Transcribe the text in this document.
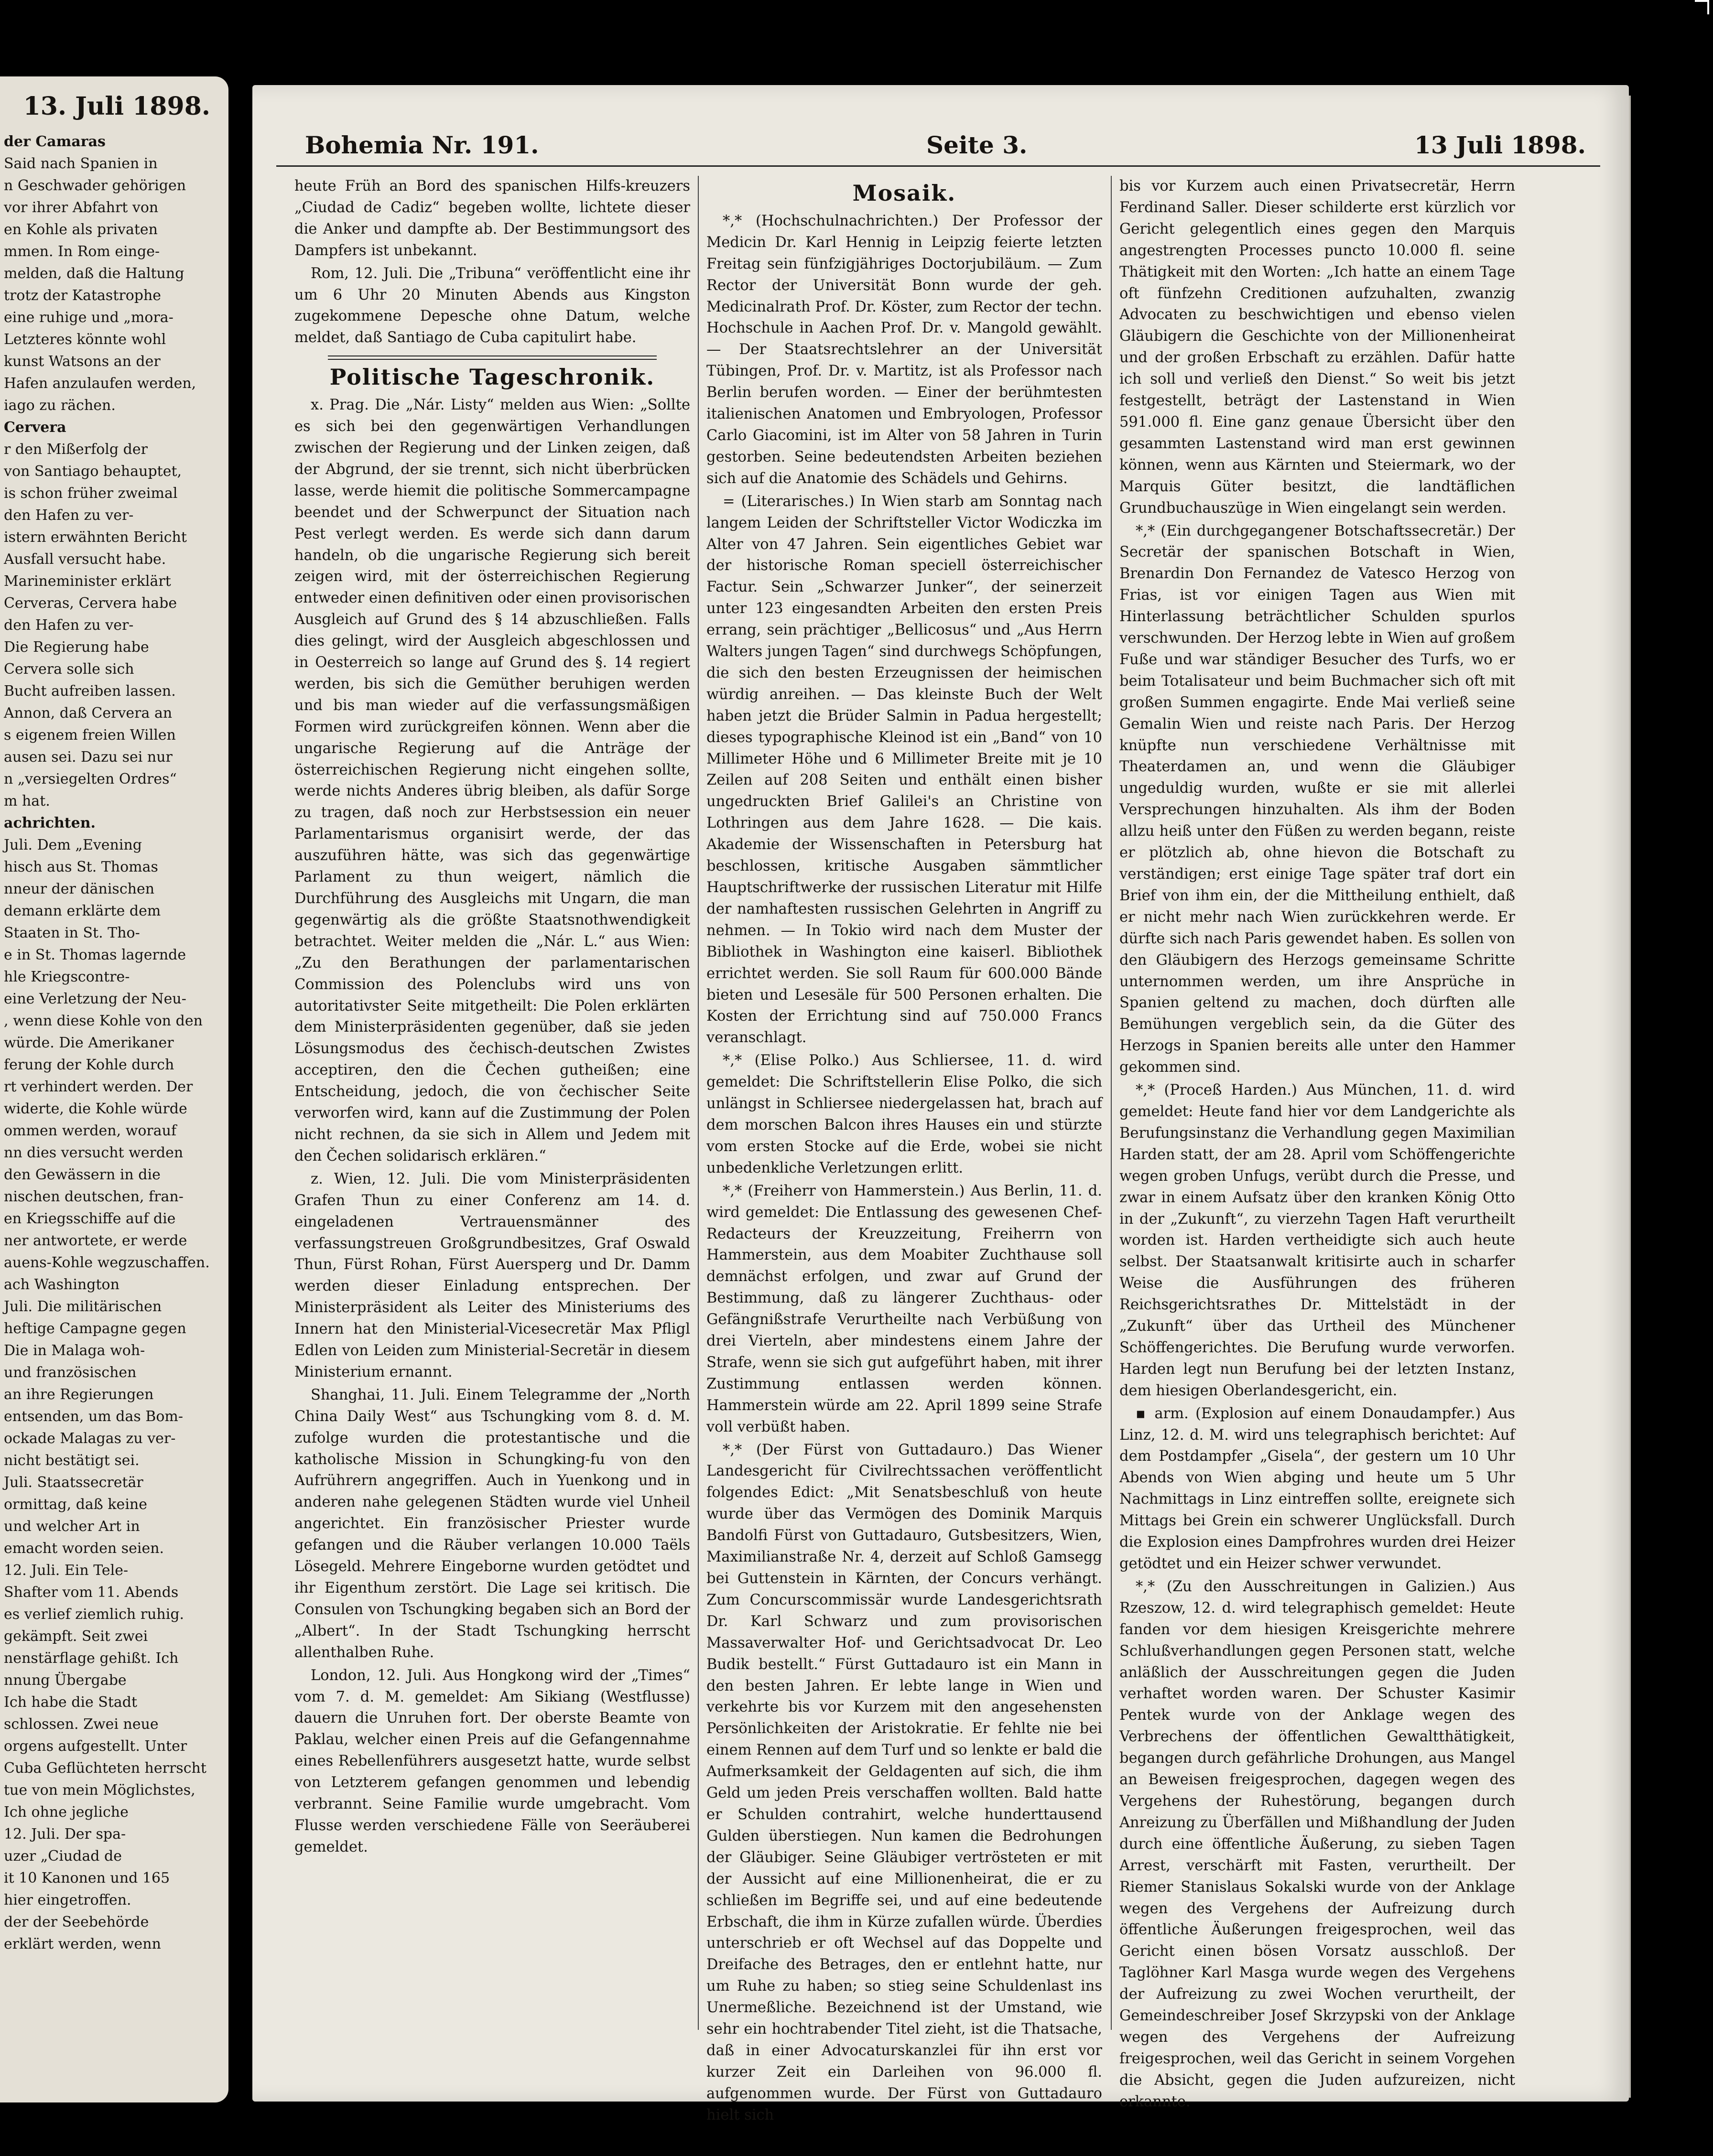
13. Juli 1898.

der Camaras

Said nach Spanien in

n Geschwader gehörigen

vor ihrer Abfahrt von

en Kohle als privaten

mmen. In Rom einge-

melden, daß die Haltung

trotz der Katastrophe

eine ruhige und „mora-

Letzteres könnte wohl

kunst Watsons an der

Hafen anzulaufen werden,

iago zu rächen.

Cervera

r den Mißerfolg der

von Santiago behauptet,

is schon früher zweimal

den Hafen zu ver-

istern erwähnten Bericht

Ausfall versucht habe.

Marineminister erklärt

Cerveras, Cervera habe

den Hafen zu ver-

Die Regierung habe

Cervera solle sich

Bucht aufreiben lassen.

Annon, daß Cervera an

s eigenem freien Willen

ausen sei. Dazu sei nur

n „versiegelten Ordres“

m hat.

achrichten.

Juli. Dem „Evening

hisch aus St. Thomas

nneur der dänischen

demann erklärte dem

Staaten in St. Tho-

e in St. Thomas lagernde

hle Kriegscontre-

eine Verletzung der Neu-

, wenn diese Kohle von den

würde. Die Amerikaner

ferung der Kohle durch

rt verhindert werden. Der

widerte, die Kohle würde

ommen werden, worauf

nn dies versucht werden

den Gewässern in die

nischen deutschen, fran-

en Kriegsschiffe auf die

ner antwortete, er werde

auens-Kohle wegzuschaffen.

ach Washington

Juli. Die militärischen

heftige Campagne gegen

Die in Malaga woh-

und französischen

an ihre Regierungen

entsenden, um das Bom-

ockade Malagas zu ver-

nicht bestätigt sei.

Juli. Staatssecretär

ormittag, daß keine

und welcher Art in

emacht worden seien.

12. Juli. Ein Tele-

Shafter vom 11. Abends

es verlief ziemlich ruhig.

gekämpft. Seit zwei

nenstärflage gehißt. Ich

nnung Übergabe

Ich habe die Stadt

schlossen. Zwei neue

orgens aufgestellt. Unter

Cuba Geflüchteten herrscht

tue von mein Möglichstes,

Ich ohne jegliche

12. Juli. Der spa-

uzer „Ciudad de

it 10 Kanonen und 165

hier eingetroffen.

der der Seebehörde

erklärt werden, wenn

Bohemia Nr. 191.	Seite 3.	13 Juli 1898.

heute Früh an Bord des spanischen Hilfs-kreuzers „Ciudad de Cadiz“ begeben wollte, lichtete dieser die Anker und dampfte ab. Der Bestimmungsort des Dampfers ist unbekannt.

Rom, 12. Juli. Die „Tribuna“ veröffentlicht eine ihr um 6 Uhr 20 Minuten Abends aus Kingston zugekommene Depesche ohne Datum, welche meldet, daß Santiago de Cuba capitulirt habe.

Politische Tageschronik.

x. Prag. Die „Nár. Listy“ melden aus Wien: „Sollte es sich bei den gegenwärtigen Verhandlungen zwischen der Regierung und der Linken zeigen, daß der Abgrund, der sie trennt, sich nicht überbrücken lasse, werde hiemit die politische Sommercampagne beendet und der Schwerpunct der Situation nach Pest verlegt werden. Es werde sich dann darum handeln, ob die ungarische Regierung sich bereit zeigen wird, mit der österreichischen Regierung entweder einen definitiven oder einen provisorischen Ausgleich auf Grund des § 14 abzuschließen. Falls dies gelingt, wird der Ausgleich abgeschlossen und in Oesterreich so lange auf Grund des §. 14 regiert werden, bis sich die Gemüther beruhigen werden und bis man wieder auf die verfassungsmäßigen Formen wird zurückgreifen können. Wenn aber die ungarische Regierung auf die Anträge der österreichischen Regierung nicht eingehen sollte, werde nichts Anderes übrig bleiben, als dafür Sorge zu tragen, daß noch zur Herbstsession ein neuer Parlamentarismus organisirt werde, der das auszuführen hätte, was sich das gegenwärtige Parlament zu thun weigert, nämlich die Durchführung des Ausgleichs mit Ungarn, die man gegenwärtig als die größte Staatsnothwendigkeit betrachtet. Weiter melden die „Nár. L.“ aus Wien: „Zu den Berathungen der parlamentarischen Commission des Polenclubs wird uns von autoritativster Seite mitgetheilt: Die Polen erklärten dem Ministerpräsidenten gegenüber, daß sie jeden Lösungsmodus des čechisch-deutschen Zwistes acceptiren, den die Čechen gutheißen; eine Entscheidung, jedoch, die von čechischer Seite verworfen wird, kann auf die Zustimmung der Polen nicht rechnen, da sie sich in Allem und Jedem mit den Čechen solidarisch erklären.“

z. Wien, 12. Juli. Die vom Ministerpräsidenten Grafen Thun zu einer Conferenz am 14. d. eingeladenen Vertrauensmänner des verfassungstreuen Großgrundbesitzes, Graf Oswald Thun, Fürst Rohan, Fürst Auersperg und Dr. Damm werden dieser Einladung entsprechen. Der Ministerpräsident als Leiter des Ministeriums des Innern hat den Ministerial-Vicesecretär Max Pfligl Edlen von Leiden zum Ministerial-Secretär in diesem Ministerium ernannt.

Shanghai, 11. Juli. Einem Telegramme der „North China Daily West“ aus Tschungking vom 8. d. M. zufolge wurden die protestantische und die katholische Mission in Schungking-fu von den Aufrührern angegriffen. Auch in Yuenkong und in anderen nahe gelegenen Städten wurde viel Unheil angerichtet. Ein französischer Priester wurde gefangen und die Räuber verlangen 10.000 Taëls Lösegeld. Mehrere Eingeborne wurden getödtet und ihr Eigenthum zerstört. Die Lage sei kritisch. Die Consulen von Tschungking begaben sich an Bord der „Albert“. In der Stadt Tschungking herrscht allenthalben Ruhe.

London, 12. Juli. Aus Hongkong wird der „Times“ vom 7. d. M. gemeldet: Am Sikiang (Westflusse) dauern die Unruhen fort. Der oberste Beamte von Paklau, welcher einen Preis auf die Gefangennahme eines Rebellenführers ausgesetzt hatte, wurde selbst von Letzterem gefangen genommen und lebendig verbrannt. Seine Familie wurde umgebracht. Vom Flusse werden verschiedene Fälle von Seeräuberei gemeldet.

Mosaik.

*,* (Hochschulnachrichten.) Der Professor der Medicin Dr. Karl Hennig in Leipzig feierte letzten Freitag sein fünfzigjähriges Doctorjubiläum. — Zum Rector der Universität Bonn wurde der geh. Medicinalrath Prof. Dr. Köster, zum Rector der techn. Hochschule in Aachen Prof. Dr. v. Mangold gewählt. — Der Staatsrechtslehrer an der Universität Tübingen, Prof. Dr. v. Martitz, ist als Professor nach Berlin berufen worden. — Einer der berühmtesten italienischen Anatomen und Embryologen, Professor Carlo Giacomini, ist im Alter von 58 Jahren in Turin gestorben. Seine bedeutendsten Arbeiten beziehen sich auf die Anatomie des Schädels und Gehirns.

= (Literarisches.) In Wien starb am Sonntag nach langem Leiden der Schriftsteller Victor Wodiczka im Alter von 47 Jahren. Sein eigentliches Gebiet war der historische Roman speciell österreichischer Factur. Sein „Schwarzer Junker“, der seinerzeit unter 123 eingesandten Arbeiten den ersten Preis errang, sein prächtiger „Bellicosus“ und „Aus Herrn Walters jungen Tagen“ sind durchwegs Schöpfungen, die sich den besten Erzeugnissen der heimischen würdig anreihen. — Das kleinste Buch der Welt haben jetzt die Brüder Salmin in Padua hergestellt; dieses typographische Kleinod ist ein „Band“ von 10 Millimeter Höhe und 6 Millimeter Breite mit je 10 Zeilen auf 208 Seiten und enthält einen bisher ungedruckten Brief Galilei's an Christine von Lothringen aus dem Jahre 1628. — Die kais. Akademie der Wissenschaften in Petersburg hat beschlossen, kritische Ausgaben sämmtlicher Hauptschriftwerke der russischen Literatur mit Hilfe der namhaftesten russischen Gelehrten in Angriff zu nehmen. — In Tokio wird nach dem Muster der Bibliothek in Washington eine kaiserl. Bibliothek errichtet werden. Sie soll Raum für 600.000 Bände bieten und Lesesäle für 500 Personen erhalten. Die Kosten der Errichtung sind auf 750.000 Francs veranschlagt.

*,* (Elise Polko.) Aus Schliersee, 11. d. wird gemeldet: Die Schriftstellerin Elise Polko, die sich unlängst in Schliersee niedergelassen hat, brach auf dem morschen Balcon ihres Hauses ein und stürzte vom ersten Stocke auf die Erde, wobei sie nicht unbedenkliche Verletzungen erlitt.

*,* (Freiherr von Hammerstein.) Aus Berlin, 11. d. wird gemeldet: Die Entlassung des gewesenen Chef-Redacteurs der Kreuzzeitung, Freiherrn von Hammerstein, aus dem Moabiter Zuchthause soll demnächst erfolgen, und zwar auf Grund der Bestimmung, daß zu längerer Zuchthaus- oder Gefängnißstrafe Verurtheilte nach Verbüßung von drei Vierteln, aber mindestens einem Jahre der Strafe, wenn sie sich gut aufgeführt haben, mit ihrer Zustimmung entlassen werden können. Hammerstein würde am 22. April 1899 seine Strafe voll verbüßt haben.

*,* (Der Fürst von Guttadauro.) Das Wiener Landesgericht für Civilrechtssachen veröffentlicht folgendes Edict: „Mit Senatsbeschluß von heute wurde über das Vermögen des Dominik Marquis Bandolfi Fürst von Guttadauro, Gutsbesitzers, Wien, Maximilianstraße Nr. 4, derzeit auf Schloß Gamsegg bei Guttenstein in Kärnten, der Concurs verhängt. Zum Concurscommissär wurde Landesgerichtsrath Dr. Karl Schwarz und zum provisorischen Massaverwalter Hof- und Gerichtsadvocat Dr. Leo Budik bestellt.“ Fürst Guttadauro ist ein Mann in den besten Jahren. Er lebte lange in Wien und verkehrte bis vor Kurzem mit den angesehensten Persönlichkeiten der Aristokratie. Er fehlte nie bei einem Rennen auf dem Turf und so lenkte er bald die Aufmerksamkeit der Geldagenten auf sich, die ihm Geld um jeden Preis verschaffen wollten. Bald hatte er Schulden contrahirt, welche hunderttausend Gulden überstiegen. Nun kamen die Bedrohungen der Gläubiger. Seine Gläubiger vertrösteten er mit der Aussicht auf eine Millionenheirat, die er zu schließen im Begriffe sei, und auf eine bedeutende Erbschaft, die ihm in Kürze zufallen würde. Überdies unterschrieb er oft Wechsel auf das Doppelte und Dreifache des Betrages, den er entlehnt hatte, nur um Ruhe zu haben; so stieg seine Schuldenlast ins Unermeßliche. Bezeichnend ist der Umstand, wie sehr ein hochtrabender Titel zieht, ist die Thatsache, daß in einer Advocaturskanzlei für ihn erst vor kurzer Zeit ein Darleihen von 96.000 fl. aufgenommen wurde. Der Fürst von Guttadauro hielt sich

bis vor Kurzem auch einen Privatsecretär, Herrn Ferdinand Saller. Dieser schilderte erst kürzlich vor Gericht gelegentlich eines gegen den Marquis angestrengten Processes puncto 10.000 fl. seine Thätigkeit mit den Worten: „Ich hatte an einem Tage oft fünfzehn Creditionen aufzuhalten, zwanzig Advocaten zu beschwichtigen und ebenso vielen Gläubigern die Geschichte von der Millionenheirat und der großen Erbschaft zu erzählen. Dafür hatte ich soll und verließ den Dienst.“ So weit bis jetzt festgestellt, beträgt der Lastenstand in Wien 591.000 fl. Eine ganz genaue Übersicht über den gesammten Lastenstand wird man erst gewinnen können, wenn aus Kärnten und Steiermark, wo der Marquis Güter besitzt, die landtäflichen Grundbuchauszüge in Wien eingelangt sein werden.

*,* (Ein durchgegangener Botschaftssecretär.) Der Secretär der spanischen Botschaft in Wien, Brenardin Don Fernandez de Vatesco Herzog von Frias, ist vor einigen Tagen aus Wien mit Hinterlassung beträchtlicher Schulden spurlos verschwunden. Der Herzog lebte in Wien auf großem Fuße und war ständiger Besucher des Turfs, wo er beim Totalisateur und beim Buchmacher sich oft mit großen Summen engagirte. Ende Mai verließ seine Gemalin Wien und reiste nach Paris. Der Herzog knüpfte nun verschiedene Verhältnisse mit Theaterdamen an, und wenn die Gläubiger ungeduldig wurden, wußte er sie mit allerlei Versprechungen hinzuhalten. Als ihm der Boden allzu heiß unter den Füßen zu werden begann, reiste er plötzlich ab, ohne hievon die Botschaft zu verständigen; erst einige Tage später traf dort ein Brief von ihm ein, der die Mittheilung enthielt, daß er nicht mehr nach Wien zurückkehren werde. Er dürfte sich nach Paris gewendet haben. Es sollen von den Gläubigern des Herzogs gemeinsame Schritte unternommen werden, um ihre Ansprüche in Spanien geltend zu machen, doch dürften alle Bemühungen vergeblich sein, da die Güter des Herzogs in Spanien bereits alle unter den Hammer gekommen sind.

*,* (Proceß Harden.) Aus München, 11. d. wird gemeldet: Heute fand hier vor dem Landgerichte als Berufungsinstanz die Verhandlung gegen Maximilian Harden statt, der am 28. April vom Schöffengerichte wegen groben Unfugs, verübt durch die Presse, und zwar in einem Aufsatz über den kranken König Otto in der „Zukunft“, zu vierzehn Tagen Haft verurtheilt worden ist. Harden vertheidigte sich auch heute selbst. Der Staatsanwalt kritisirte auch in scharfer Weise die Ausführungen des früheren Reichsgerichtsrathes Dr. Mittelstädt in der „Zukunft“ über das Urtheil des Münchener Schöffengerichtes. Die Berufung wurde verworfen. Harden legt nun Berufung bei der letzten Instanz, dem hiesigen Oberlandesgericht, ein.

▪ arm. (Explosion auf einem Donaudampfer.) Aus Linz, 12. d. M. wird uns telegraphisch berichtet: Auf dem Postdampfer „Gisela“, der gestern um 10 Uhr Abends von Wien abging und heute um 5 Uhr Nachmittags in Linz eintreffen sollte, ereignete sich Mittags bei Grein ein schwerer Unglücksfall. Durch die Explosion eines Dampfrohres wurden drei Heizer getödtet und ein Heizer schwer verwundet.

*,* (Zu den Ausschreitungen in Galizien.) Aus Rzeszow, 12. d. wird telegraphisch gemeldet: Heute fanden vor dem hiesigen Kreisgerichte mehrere Schlußverhandlungen gegen Personen statt, welche anläßlich der Ausschreitungen gegen die Juden verhaftet worden waren. Der Schuster Kasimir Pentek wurde von der Anklage wegen des Verbrechens der öffentlichen Gewaltthätigkeit, begangen durch gefährliche Drohungen, aus Mangel an Beweisen freigesprochen, dagegen wegen des Vergehens der Ruhestörung, begangen durch Anreizung zu Überfällen und Mißhandlung der Juden durch eine öffentliche Äußerung, zu sieben Tagen Arrest, verschärft mit Fasten, verurtheilt. Der Riemer Stanislaus Sokalski wurde von der Anklage wegen des Vergehens der Aufreizung durch öffentliche Äußerungen freigesprochen, weil das Gericht einen bösen Vorsatz ausschloß. Der Taglöhner Karl Masga wurde wegen des Vergehens der Aufreizung zu zwei Wochen verurtheilt, der Gemeindeschreiber Josef Skrzypski von der Anklage wegen des Vergehens der Aufreizung freigesprochen, weil das Gericht in seinem Vorgehen die Absicht, gegen die Juden aufzureizen, nicht erkannte.
